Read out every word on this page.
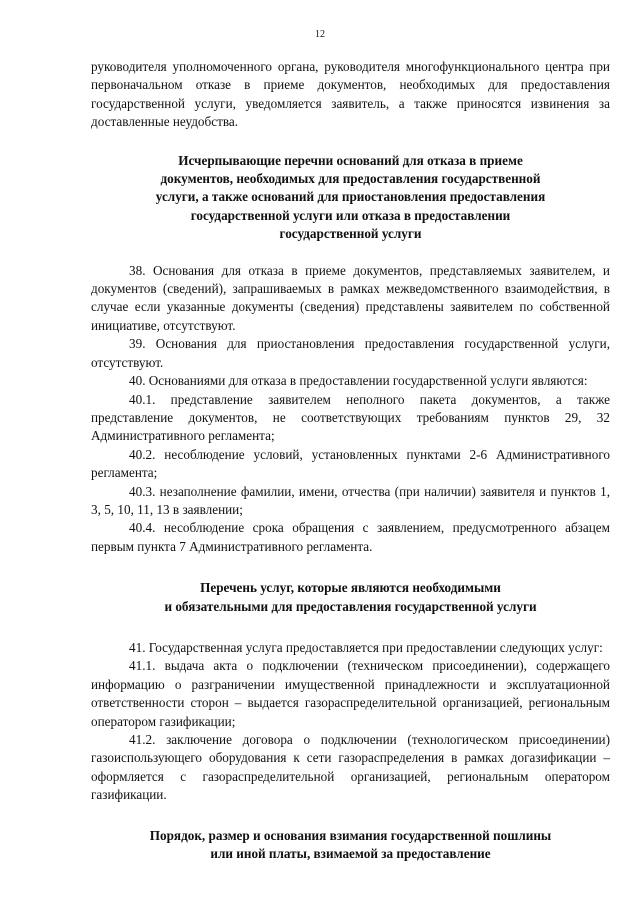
12

руководителя уполномоченного органа, руководителя многофункционального центра при первоначальном отказе в приеме документов, необходимых для предоставления государственной услуги, уведомляется заявитель, а также приносятся извинения за доставленные неудобства.

Исчерпывающие перечни оснований для отказа в приеме
документов, необходимых для предоставления государственной
услуги, а также оснований для приостановления предоставления
государственной услуги или отказа в предоставлении
государственной услуги

38. Основания для отказа в приеме документов, представляемых заявителем, и документов (сведений), запрашиваемых в рамках межведомственного взаимодействия, в случае если указанные документы (сведения) представлены заявителем по собственной инициативе, отсутствуют.

39. Основания для приостановления предоставления государственной услуги, отсутствуют.

40. Основаниями для отказа в предоставлении государственной услуги являются:

40.1. представление заявителем неполного пакета документов, а также представление документов, не соответствующих требованиям пунктов 29, 32 Административного регламента;

40.2. несоблюдение условий, установленных пунктами 2-6 Административного регламента;

40.3. незаполнение фамилии, имени, отчества (при наличии) заявителя и пунктов 1, 3, 5, 10, 11, 13 в заявлении;

40.4. несоблюдение срока обращения с заявлением, предусмотренного абзацем первым пункта 7 Административного регламента.

Перечень услуг, которые являются необходимыми
и обязательными для предоставления государственной услуги

41. Государственная услуга предоставляется при предоставлении следующих услуг:

41.1. выдача акта о подключении (техническом присоединении), содержащего информацию о разграничении имущественной принадлежности и эксплуатационной ответственности сторон – выдается газораспределительной организацией, региональным оператором газификации;

41.2. заключение договора о подключении (технологическом присоединении) газоиспользующего оборудования к сети газораспределения в рамках догазификации – оформляется с газораспределительной организацией, региональным оператором газификации.

Порядок, размер и основания взимания государственной пошлины
или иной платы, взимаемой за предоставление
